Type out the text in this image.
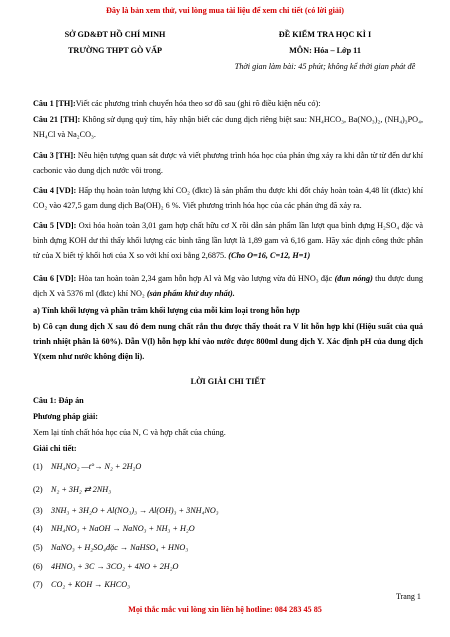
Đây là bản xem thử, vui lòng mua tài liệu để xem chi tiết (có lời giải)
SỞ GD&ĐT HỒ CHÍ MINH
TRƯỜNG THPT GÒ VẤP
ĐỀ KIỂM TRA HỌC KÌ I
MÔN: Hóa – Lớp 11
Thời gian làm bài: 45 phút; không kể thời gian phát đề
Câu 1 [TH]:Viết các phương trình chuyển hóa theo sơ đồ sau (ghi rõ điều kiện nếu có):
Câu 21 [TH]: Không sử dụng quỳ tím, hãy nhận biết các dung dịch riêng biệt sau: NH₄HCO₃, Ba(NO₃)₂, (NH₄)₃PO₄, NH₄Cl và Na₂CO₃.
Câu 3 [TH]: Nêu hiện tượng quan sát được và viết phương trình hóa học của phản ứng xảy ra khi dẫn từ từ đến dư khí cacbonic vào dung dịch nước vôi trong.
Câu 4 [VD]: Hấp thụ hoàn toàn lượng khí CO₂ (đktc) là sản phẩm thu được khi đốt cháy hoàn toàn 4,48 lít (đktc) khí CO₂ vào 427,5 gam dung dịch Ba(OH)₂ 6 %. Viết phương trình hóa học của các phản ứng đã xảy ra.
Câu 5 [VD]: Oxi hóa hoàn toàn 3,01 gam hợp chất hữu cơ X rồi dẫn sản phẩm lần lượt qua bình đựng H₂SO₄ đặc và bình đựng KOH dư thì thấy khối lượng các bình tăng lần lượt là 1,89 gam và 6,16 gam. Hãy xác định công thức phân tử của X biết tỷ khối hơi của X so với khí oxi bằng 2,6875. (Cho O=16, C=12, H=1)
Câu 6 [VD]: Hòa tan hoàn toàn 2,34 gam hỗn hợp Al và Mg vào lượng vừa đủ HNO₃ đặc (đun nóng) thu được dung dịch X và 5376 ml (đktc) khí NO₂ (sản phẩm khử duy nhất).
a) Tính khối lượng và phần trăm khối lượng của mỗi kim loại trong hỗn hợp
b) Cô cạn dung dịch X sau đó đem nung chất rắn thu được thấy thoát ra V lít hỗn hợp khí (Hiệu suất của quá trình nhiệt phân là 60%). Dẫn V(l) hỗn hợp khí vào nước được 800ml dung dịch Y. Xác định pH của dung dịch Y(xem như nước không điện li).
LỜI GIẢI CHI TIẾT
Câu 1: Đáp án
Phương pháp giải:
Xem lại tính chất hóa học của N, C và hợp chất của chúng.
Giải chi tiết:
(1) NH₄NO₂ —t°→ N₂ + 2H₂O
(2) N₂ + 3H₂ ⇄ 2NH₃
(3) 3NH₃ + 3H₂O + Al(NO₃)₃ → Al(OH)₃ + 3NH₄NO₃
(4) NH₄NO₃ + NaOH → NaNO₃ + NH₃ + H₂O
(5) NaNO₃ + H₂SO₄đặc → NaHSO₄ + HNO₃
(6) 4HNO₃ + 3C → 3CO₂ + 4NO + 2H₂O
(7) CO₂ + KOH → KHCO₃
Trang 1
Mọi thắc mắc vui lòng xin liên hệ hotline: 084 283 45 85
